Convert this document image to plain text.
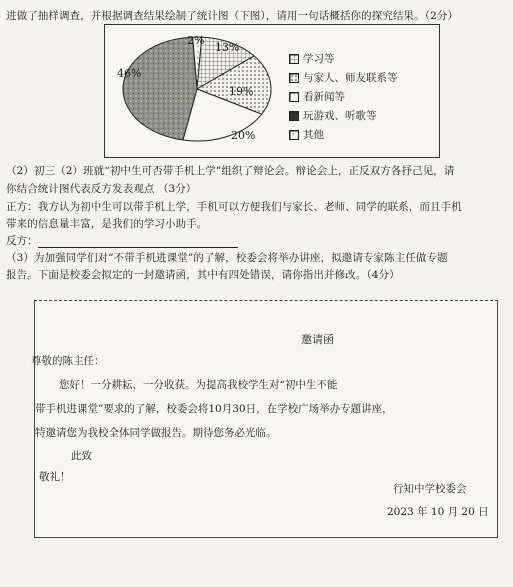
进做了抽样调查，并根据调查结果绘制了统计图（下图），请用一句话概括你的探究结果。（2分）
13%
19%
20%
46%
2%
学习等
与家人、师友联系等
看新闻等
玩游戏、听歌等
其他
（2）初三（2）班就“初中生可否带手机上学”组织了辩论会。辩论会上，正反双方各抒己见，请
你结合统计图代表反方发表观点 （3分）
正方：我方认为初中生可以带手机上学，手机可以方便我们与家长、老师、同学的联系，而且手机
带来的信息量丰富，是我们的学习小助手。
反方：
（3）为加强同学们对“不带手机进课堂”的了解，校委会将举办讲座，拟邀请专家陈主任做专题
报告。下面是校委会拟定的一封邀请函，其中有四处错误，请你指出并修改。（4分）
邀请函
尊敬的陈主任：
您好！一分耕耘，一分收获。为提高我校学生对“初中生不能
带手机进课堂”要求的了解，校委会将10月30日，在学校广场举办专题讲座，
特邀请您为我校全体同学做报告。期待您务必光临。
此致
敬礼！
行知中学校委会
2023 年 10 月 20 日
